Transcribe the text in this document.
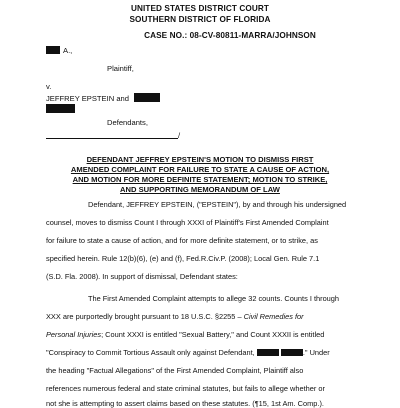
UNITED STATES DISTRICT COURT
SOUTHERN DISTRICT OF FLORIDA
CASE NO.: 08-CV-80811-MARRA/JOHNSON
A.,
Plaintiff,
v.
JEFFREY EPSTEIN and
Defendants,
/
DEFENDANT JEFFREY EPSTEIN'S MOTION TO DISMISS FIRST
AMENDED COMPLAINT FOR FAILURE TO STATE A CAUSE OF ACTION,
AND MOTION FOR MORE DEFINITE STATEMENT; MOTION TO STRIKE,
AND SUPPORTING MEMORANDUM OF LAW
Defendant, JEFFREY EPSTEIN, ("EPSTEIN"), by and through his undersigned
counsel, moves to dismiss Count I through XXXI of Plaintiff's First Amended Complaint
for failure to state a cause of action, and for more definite statement, or to strike, as
specified herein. Rule 12(b)(6), (e) and (f), Fed.R.Civ.P. (2008); Local Gen. Rule 7.1
(S.D. Fla. 2008). In support of dismissal, Defendant states:
The First Amended Complaint attempts to allege 32 counts. Counts I through
XXX are purportedly brought pursuant to 18 U.S.C. §2255 – Civil Remedies for
Personal Injuries; Count XXXI is entitled "Sexual Battery," and Count XXXII is entitled
"Conspiracy to Commit Tortious Assault only against Defendant,	." Under
the heading "Factual Allegations" of the First Amended Complaint, Plaintiff also
references numerous federal and state criminal statutes, but fails to allege whether or
not she is attempting to assert claims based on these statutes. (¶15, 1st Am. Comp.).
